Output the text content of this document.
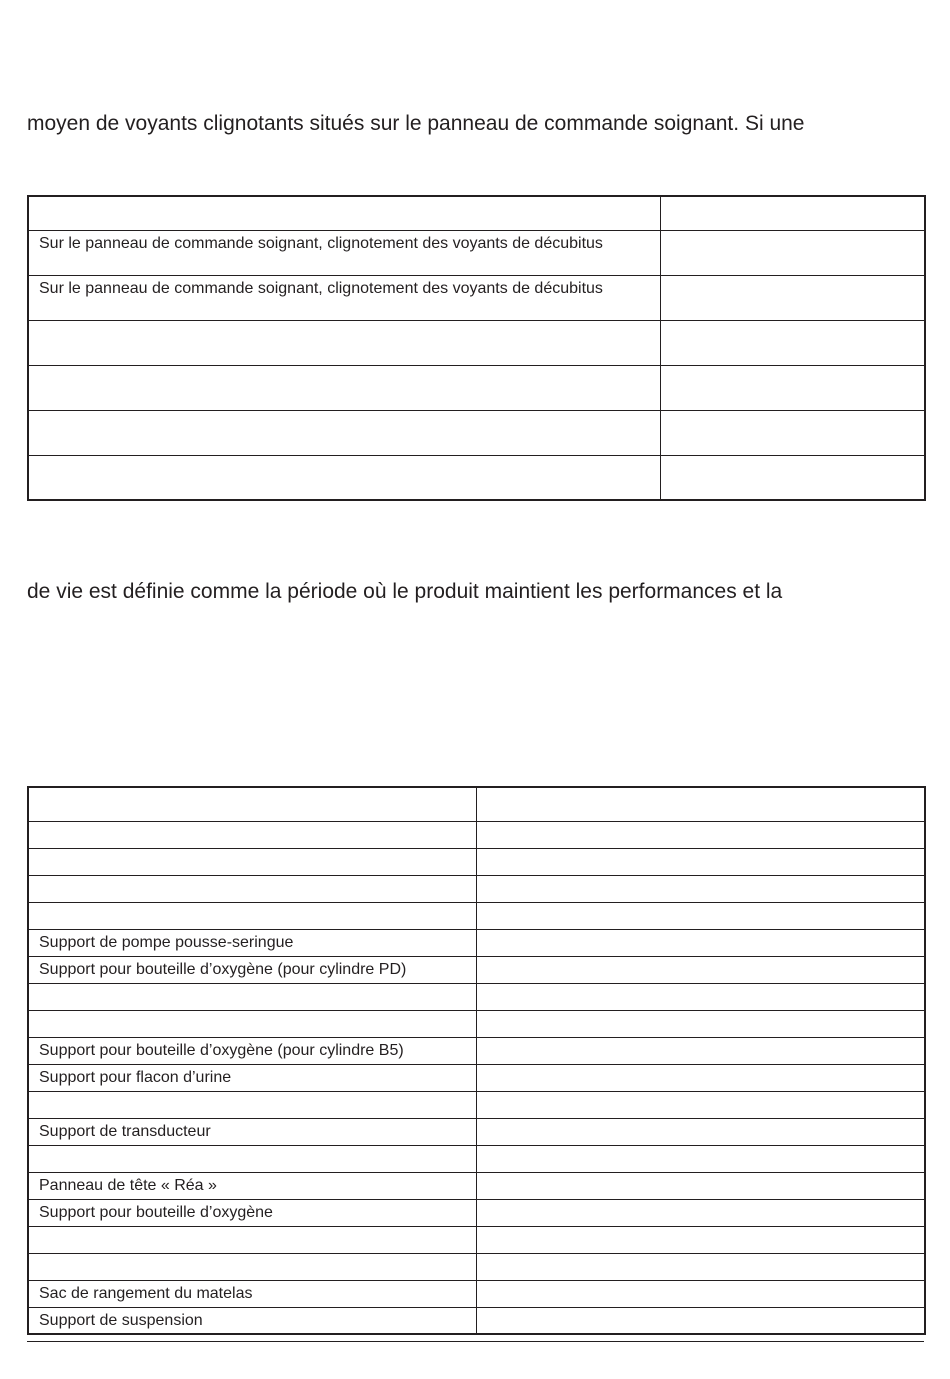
moyen de voyants clignotants situés sur le panneau de commande soignant. Si une

Sur le panneau de commande soignant, clignotement des voyants de décubitus	
Sur le panneau de commande soignant, clignotement des voyants de décubitus	

de vie est définie comme la période où le produit maintient les performances et la

Support de pompe pousse-seringue	
Support pour bouteille d’oxygène (pour cylindre PD)	

Support pour bouteille d’oxygène (pour cylindre B5)	
Support pour flacon d’urine	

Support de transducteur	

Panneau de tête « Réa »	
Support pour bouteille d’oxygène	

Sac de rangement du matelas	
Support de suspension	
